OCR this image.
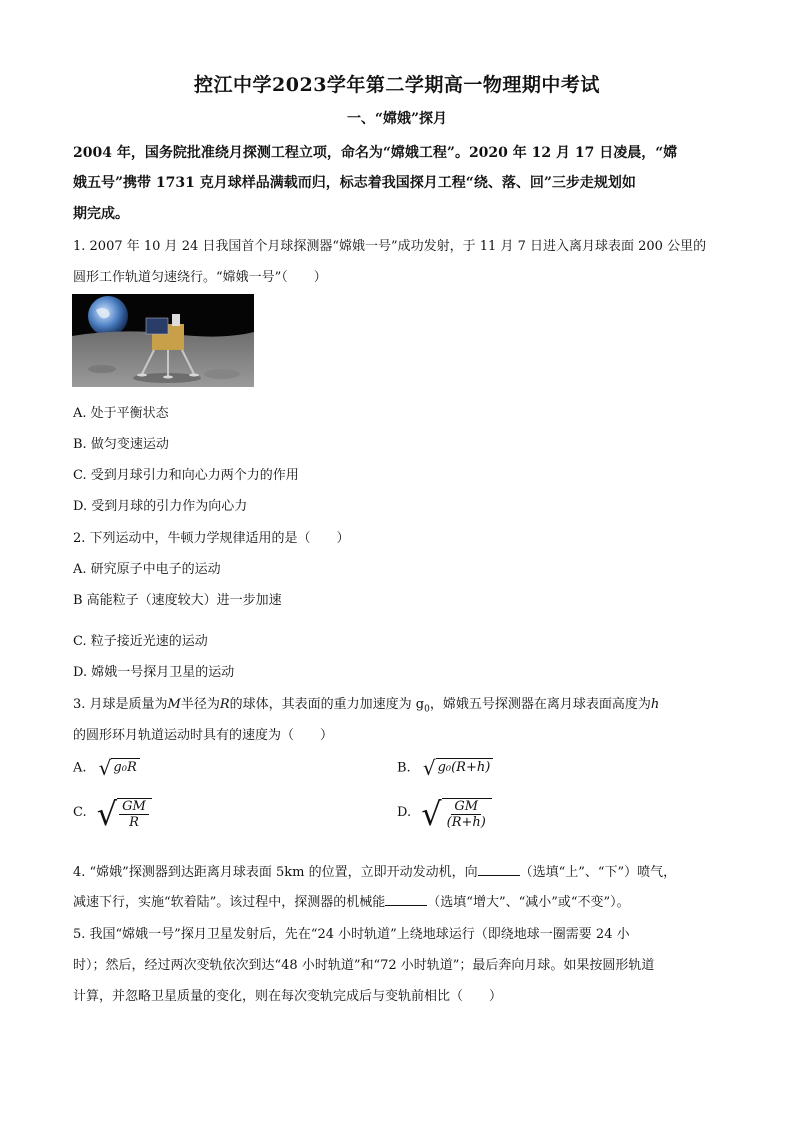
控江中学2023学年第二学期高一物理期中考试
一、“嫦娥”探月
2004 年，国务院批准绕月探测工程立项，命名为“嫦娥工程”。2020 年 12 月 17 日凌晨，“嫦
娥五号”携带 1731 克月球样品满载而归，标志着我国探月工程“绕、落、回”三步走规划如
期完成。
1. 2007 年 10 月 24 日我国首个月球探测器“嫦娥一号”成功发射，于 11 月 7 日进入离月球表面 200 公里的
圆形工作轨道匀速绕行。“嫦娥一号”（　　）
A. 处于平衡状态
B. 做匀变速运动
C. 受到月球引力和向心力两个力的作用
D. 受到月球的引力作为向心力
2. 下列运动中，牛顿力学规律适用的是（　　）
A. 研究原子中电子的运动
B 高能粒子（速度较大）进一步加速
C. 粒子接近光速的运动
D. 嫦娥一号探月卫星的运动
3. 月球是质量为M半径为R的球体，其表面的重力加速度为 $g_0$，嫦娥五号探测器在离月球表面高度为h
的圆形环月轨道运动时具有的速度为（　　）
A. √ g₀R	B. √ g₀(R+h)
C. √ $\frac{GM}{R}$	D. √ $\frac{GM}{(R+h)}$
4. “嫦娥”探测器到达距离月球表面 5km 的位置，立即开动发动机，向	（选填“上”、“下”）喷气，
减速下行，实施“软着陆”。该过程中，探测器的机械能	（选填“增大”、“减小”或“不变”）。
5. 我国“嫦娥一号”探月卫星发射后，先在“24 小时轨道”上绕地球运行（即绕地球一圈需要 24 小
时）；然后，经过两次变轨依次到达“48 小时轨道”和“72 小时轨道”；最后奔向月球。如果按圆形轨道
计算，并忽略卫星质量的变化，则在每次变轨完成后与变轨前相比（　　）
